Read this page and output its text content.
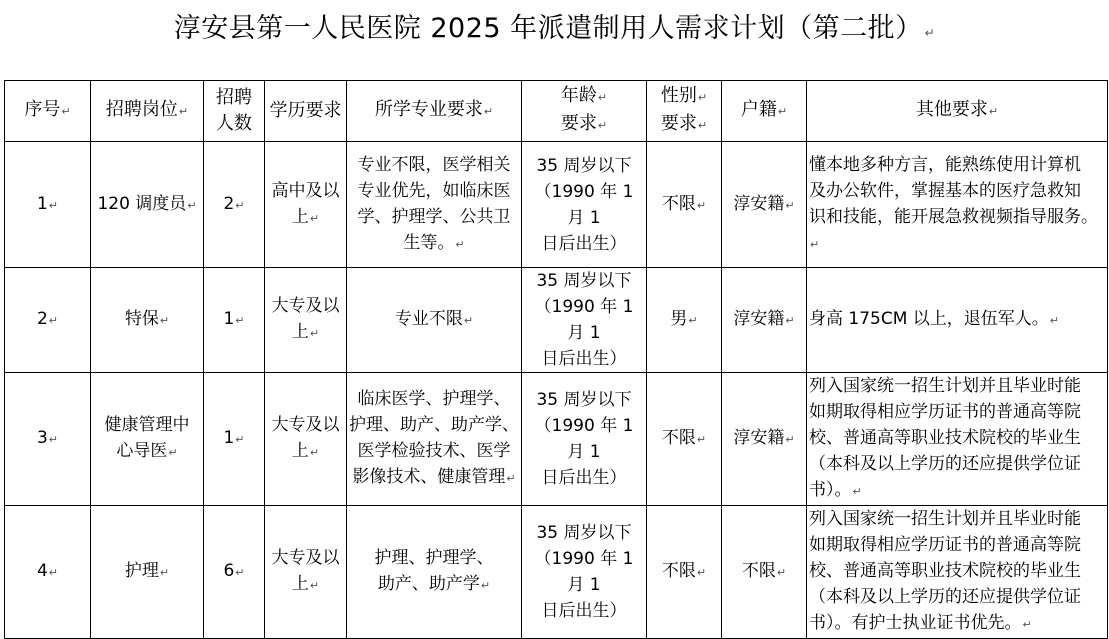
淳安县第一人民医院 2025 年派遣制用人需求计划（第二批） ↵
序号↵	招聘岗位↵	招聘
人数	学历要求	所学专业要求↵	年龄↵
要求↵	性别↵
要求↵	户籍↵	其他要求↵
1↵	120 调度员↵	2↵	高中及以
上↵	专业不限，医学相关
专业优先，如临床医
学、护理学、公共卫
生等。↵	35 周岁以下
（1990 年 1 月 1
日后出生）	不限↵	淳安籍↵	懂本地多种方言，能熟练使用计算机
及办公软件，掌握基本的医疗急救知
识和技能，能开展急救视频指导服务。↵

2↵	特保↵	1↵	大专及以
上↵	专业不限↵	35 周岁以下
（1990 年 1 月 1
日后出生）	男↵	淳安籍↵	身高 175CM 以上，退伍军人。↵

3↵	健康管理中
心导医↵	1↵	大专及以
上↵	临床医学、护理学、
护理、助产、助产学、
医学检验技术、医学
影像技术、健康管理↵	35 周岁以下
（1990 年 1 月 1
日后出生）	不限↵	淳安籍↵	列入国家统一招生计划并且毕业时能
如期取得相应学历证书的普通高等院
校、普通高等职业技术院校的毕业生
（本科及以上学历的还应提供学位证
书）。↵

4↵	护理↵	6↵	大专及以
上↵	护理、护理学、
助产、助产学↵	35 周岁以下
（1990 年 1 月 1
日后出生）	不限↵	不限↵	列入国家统一招生计划并且毕业时能
如期取得相应学历证书的普通高等院
校、普通高等职业技术院校的毕业生
（本科及以上学历的还应提供学位证
书）。有护士执业证书优先。↵
